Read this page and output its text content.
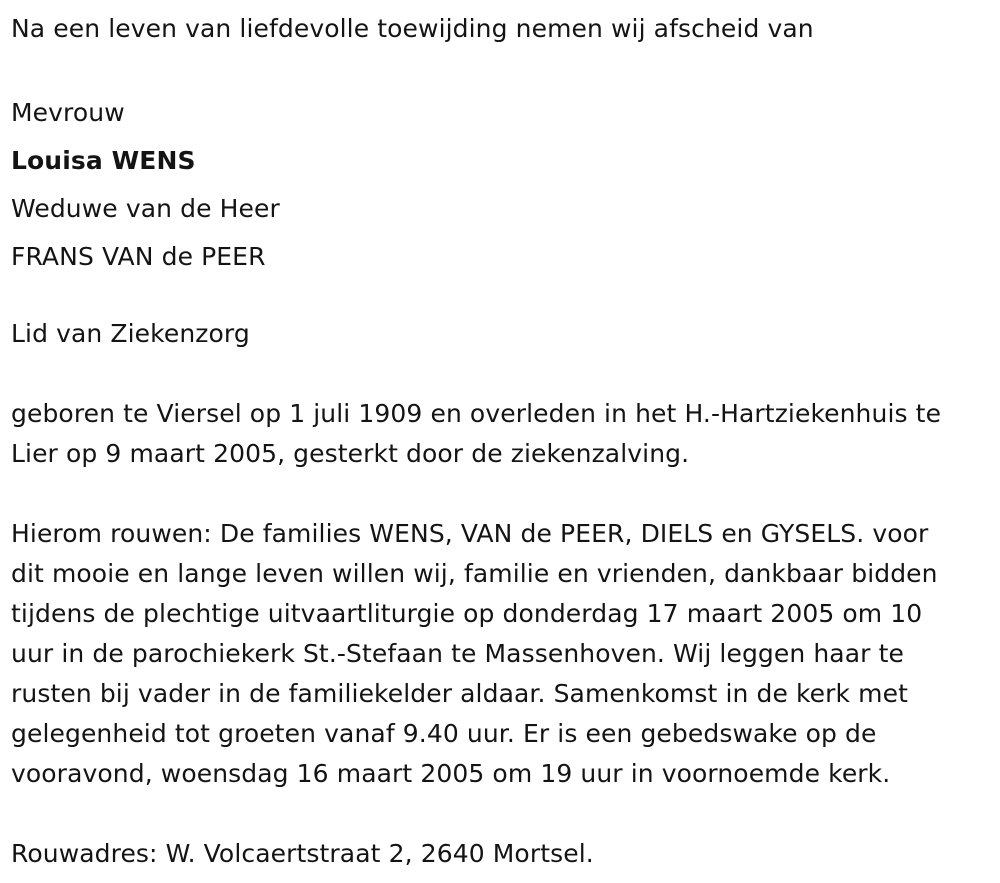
Na een leven van liefdevolle toewijding nemen wij afscheid van

Mevrouw

Louisa WENS

Weduwe van de Heer

FRANS VAN de PEER

Lid van Ziekenzorg

geboren te Viersel op 1 juli 1909 en overleden in het H.-Hartziekenhuis te

Lier op 9 maart 2005, gesterkt door de ziekenzalving.

Hierom rouwen: De families WENS, VAN de PEER, DIELS en GYSELS. voor

dit mooie en lange leven willen wij, familie en vrienden, dankbaar bidden

tijdens de plechtige uitvaartliturgie op donderdag 17 maart 2005 om 10

uur in de parochiekerk St.-Stefaan te Massenhoven. Wij leggen haar te

rusten bij vader in de familiekelder aldaar. Samenkomst in de kerk met

gelegenheid tot groeten vanaf 9.40 uur. Er is een gebedswake op de

vooravond, woensdag 16 maart 2005 om 19 uur in voornoemde kerk.

Rouwadres: W. Volcaertstraat 2, 2640 Mortsel.
